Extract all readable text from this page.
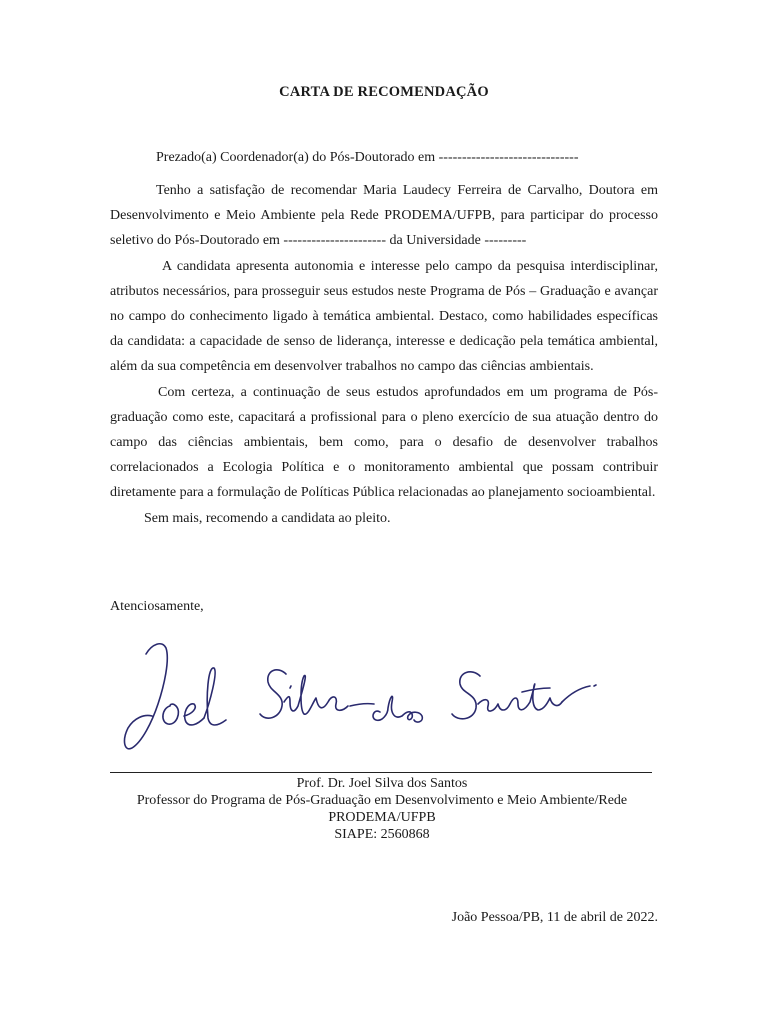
CARTA DE RECOMENDAÇÃO
Prezado(a) Coordenador(a) do Pós-Doutorado em ------------------------------

Tenho a satisfação de recomendar Maria Laudecy Ferreira de Carvalho, Doutora em Desenvolvimento e Meio Ambiente pela Rede PRODEMA/UFPB, para participar do processo seletivo do Pós-Doutorado em ---------------------- da Universidade ---------

A candidata apresenta autonomia e interesse pelo campo da pesquisa interdisciplinar, atributos necessários, para prosseguir seus estudos neste Programa de Pós – Graduação e avançar no campo do conhecimento ligado à temática ambiental. Destaco, como habilidades específicas da candidata: a capacidade de senso de liderança, interesse e dedicação pela temática ambiental, além da sua competência em desenvolver trabalhos no campo das ciências ambientais.

Com certeza, a continuação de seus estudos aprofundados em um programa de Pós-graduação como este, capacitará a profissional para o pleno exercício de sua atuação dentro do campo das ciências ambientais, bem como, para o desafio de desenvolver trabalhos correlacionados a Ecologia Política e o monitoramento ambiental que possam contribuir diretamente para a formulação de Políticas Pública relacionadas ao planejamento socioambiental.

Sem mais, recomendo a candidata ao pleito.

Atenciosamente,
Prof. Dr. Joel Silva dos Santos
Professor do Programa de Pós-Graduação em Desenvolvimento e Meio Ambiente/Rede
PRODEMA/UFPB
SIAPE: 2560868
João Pessoa/PB, 11 de abril de 2022.
